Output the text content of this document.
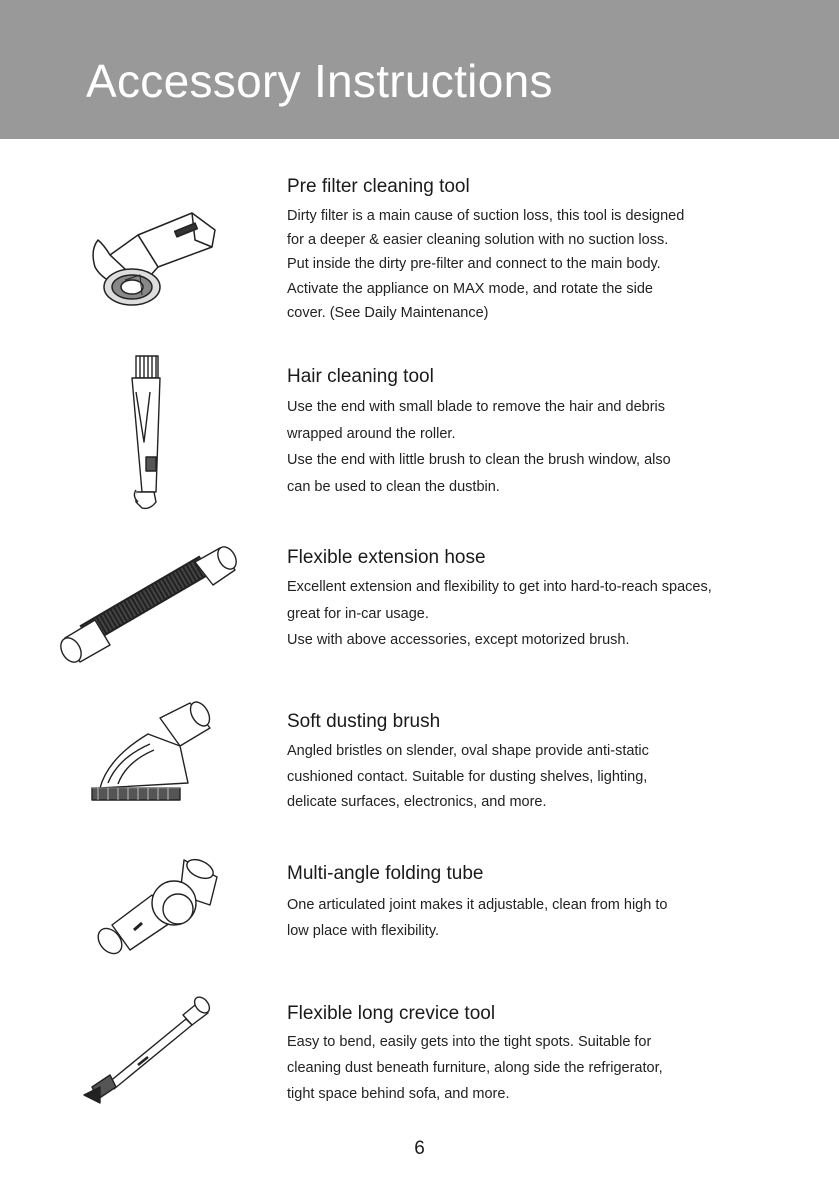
Accessory Instructions

Pre filter cleaning tool

Dirty filter is a main cause of suction loss, this tool is designed
for a deeper & easier cleaning solution with no suction loss.
Put inside the dirty pre-filter and connect to the main body.
Activate the appliance on MAX mode, and rotate the side
cover. (See Daily Maintenance)

Hair cleaning tool

Use the end with small blade to remove the hair and debris
wrapped around the roller.
Use the end with little brush to clean the brush window, also
can be used to clean the dustbin.

Flexible extension hose

Excellent extension and flexibility to get into hard-to-reach spaces,
great for in-car usage.
Use with above accessories, except motorized brush.

Soft dusting brush

Angled bristles on slender, oval shape provide anti-static
cushioned contact. Suitable for dusting shelves, lighting,
delicate surfaces, electronics, and more.

Multi-angle folding tube

One articulated joint makes it adjustable, clean from high to
low place with flexibility.

Flexible long crevice tool

Easy to bend, easily gets into the tight spots. Suitable for
cleaning dust beneath furniture, along side the refrigerator,
tight space behind sofa, and more.

6
